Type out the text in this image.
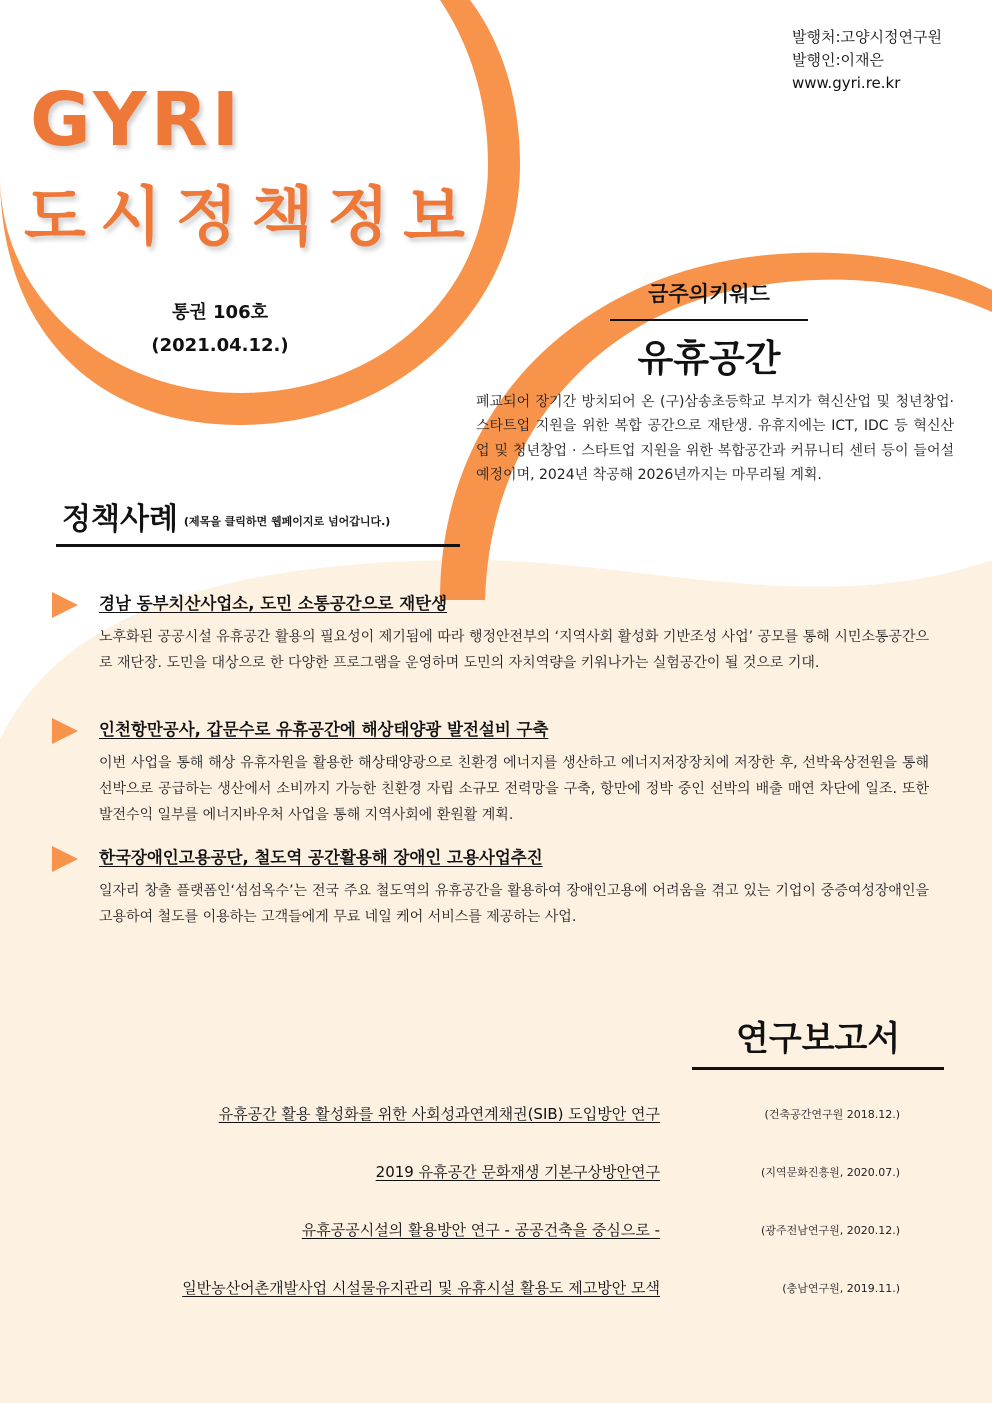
발행처:고양시정연구원
발행인:이재은
www.gyri.re.kr
GYRI
도시정책정보
통권 106호
(2021.04.12.)
금주의키워드
유휴공간
폐교되어 장기간 방치되어 온 (구)삼송초등학교 부지가 혁신산업 및 청년창업·스타트업 지원을 위한 복합 공간으로 재탄생. 유휴지에는 ICT, IDC 등 혁신산업 및 청년창업 · 스타트업 지원을 위한 복합공간과 커뮤니티 센터 등이 들어설 예정이며, 2024년 착공해 2026년까지는 마무리될 계획.
정책사례 (제목을 클릭하면 웹페이지로 넘어갑니다.)
경남 동부치산사업소, 도민 소통공간으로 재탄생
노후화된 공공시설 유휴공간 활용의 필요성이 제기됨에 따라 행정안전부의 ‘지역사회 활성화 기반조성 사업’ 공모를 통해 시민소통공간으로 재단장. 도민을 대상으로 한 다양한 프로그램을 운영하며 도민의 자치역량을 키워나가는 실험공간이 될 것으로 기대.
인천항만공사, 갑문수로 유휴공간에 해상태양광 발전설비 구축
이번 사업을 통해 해상 유휴자원을 활용한 해상태양광으로 친환경 에너지를 생산하고 에너지저장장치에 저장한 후, 선박육상전원을 통해 선박으로 공급하는 생산에서 소비까지 가능한 친환경 자립 소규모 전력망을 구축, 항만에 정박 중인 선박의 배출 매연 차단에 일조. 또한 발전수익 일부를 에너지바우처 사업을 통해 지역사회에 환원활 계획.
한국장애인고용공단, 철도역 공간활용해 장애인 고용사업추진
일자리 창출 플랫폼인‘섬섬옥수’는 전국 주요 철도역의 유휴공간을 활용하여 장애인고용에 어려움을 겪고 있는 기업이 중증여성장애인을 고용하여 철도를 이용하는 고객들에게 무료 네일 케어 서비스를 제공하는 사업.
연구보고서
유휴공간 활용 활성화를 위한 사회성과연계채권(SIB) 도입방안 연구	(건축공간연구원 2018.12.)
2019 유휴공간 문화재생 기본구상방안연구	(지역문화진흥원, 2020.07.)
유휴공공시설의 활용방안 연구 - 공공건축을 중심으로 -	(광주전남연구원, 2020.12.)
일반농산어촌개발사업 시설물유지관리 및 유휴시설 활용도 제고방안 모색	(충남연구원, 2019.11.)
